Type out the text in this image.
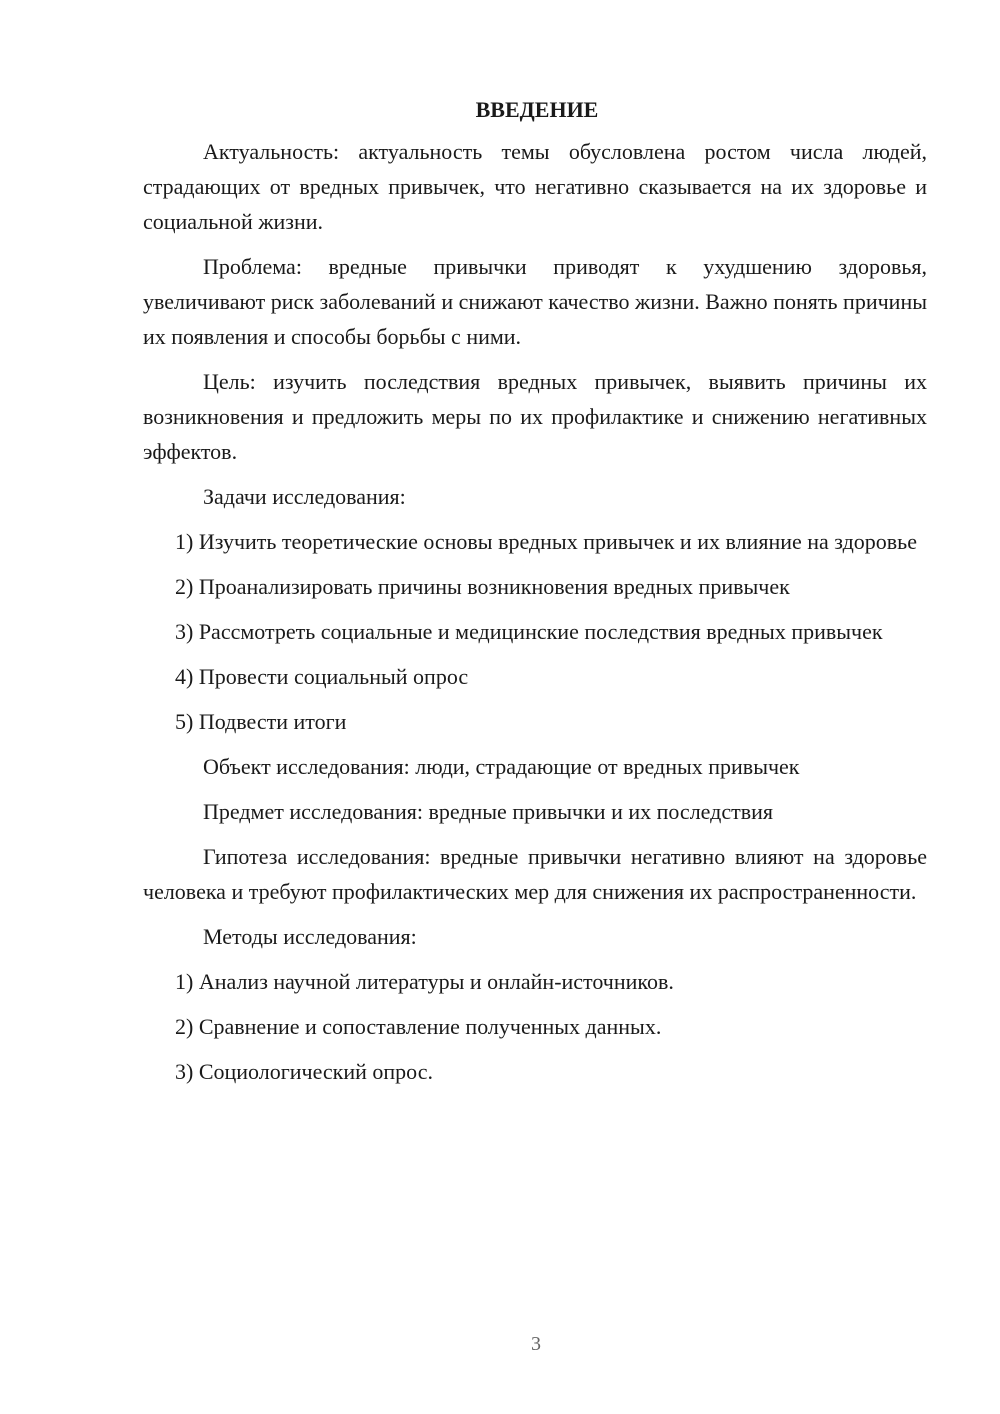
ВВЕДЕНИЕ

Актуальность: актуальность темы обусловлена ростом числа людей, страдающих от вредных привычек, что негативно сказывается на их здоровье и социальной жизни.

Проблема: вредные привычки приводят к ухудшению здоровья, увеличивают риск заболеваний и снижают качество жизни. Важно понять причины их появления и способы борьбы с ними.

Цель: изучить последствия вредных привычек, выявить причины их возникновения и предложить меры по их профилактике и снижению негативных эффектов.

Задачи исследования:

1) Изучить теоретические основы вредных привычек и их влияние на здоровье

2) Проанализировать причины возникновения вредных привычек

3) Рассмотреть социальные и медицинские последствия вредных привычек

4) Провести социальный опрос

5) Подвести итоги

Объект исследования: люди, страдающие от вредных привычек

Предмет исследования: вредные привычки и их последствия

Гипотеза исследования: вредные привычки негативно влияют на здоровье человека и требуют профилактических мер для снижения их распространенности.

Методы исследования:

1) Анализ научной литературы и онлайн-источников.

2) Сравнение и сопоставление полученных данных.

3) Социологический опрос.

3
